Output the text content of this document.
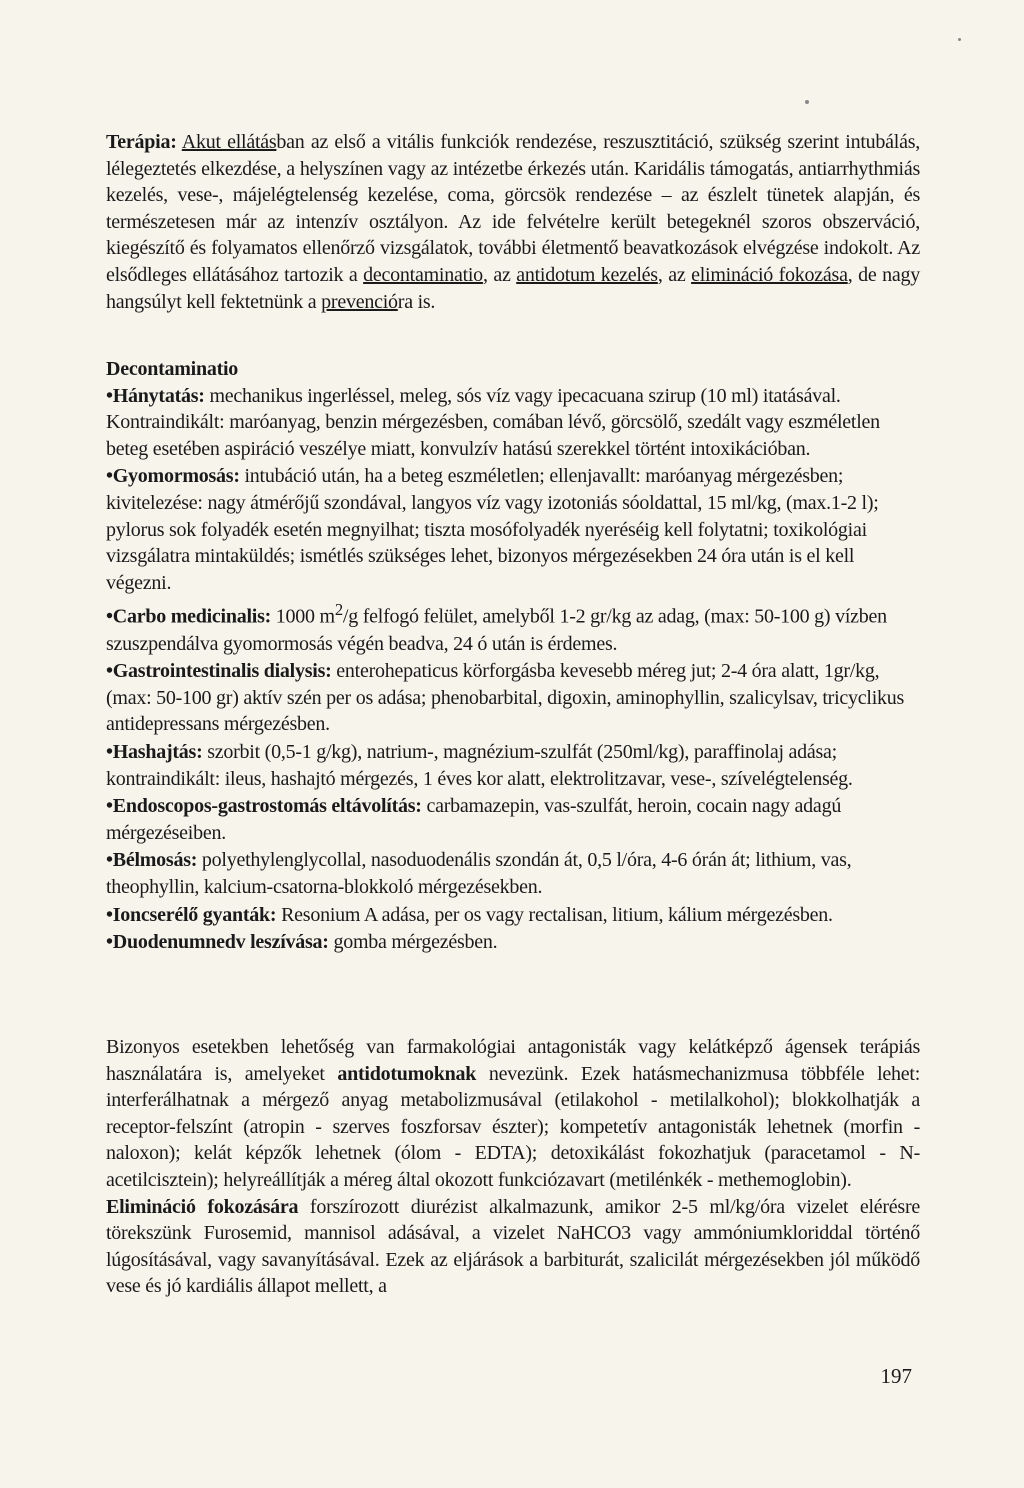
Terápia: Akut ellátásban az első a vitális funkciók rendezése, reszusztitáció, szükség szerint intubálás, lélegeztetés elkezdése, a helyszínen vagy az intézetbe érkezés után. Karidális támogatás, antiarrhythmiás kezelés, vese-, májelégtelenség kezelése, coma, görcsök rendezése – az észlelt tünetek alapján, és természetesen már az intenzív osztályon. Az ide felvételre került betegeknél szoros obszerváció, kiegészítő és folyamatos ellenőrző vizsgálatok, további életmentő beavatkozások elvégzése indokolt. Az elsődleges ellátásához tartozik a decontaminatio, az antidotum kezelés, az elimináció fokozása, de nagy hangsúlyt kell fektetnünk a prevencióra is.

Decontaminatio

•Hánytatás: mechanikus ingerléssel, meleg, sós víz vagy ipecacuana szirup (10 ml) itatásával. Kontraindikált: maróanyag, benzin mérgezésben, comában lévő, görcsölő, szedált vagy eszméletlen beteg esetében aspiráció veszélye miatt, konvulzív hatású szerekkel történt intoxikációban.

•Gyomormosás: intubáció után, ha a beteg eszméletlen; ellenjavallt: maróanyag mérgezésben; kivitelezése: nagy átmérőjű szondával, langyos víz vagy izotoniás sóoldattal, 15 ml/kg, (max.1-2 l); pylorus sok folyadék esetén megnyilhat; tiszta mosófolyadék nyeréséig kell folytatni; toxikológiai vizsgálatra mintaküldés; ismétlés szükséges lehet, bizonyos mérgezésekben 24 óra után is el kell végezni.

•Carbo medicinalis: 1000 $m^2/g$ felfogó felület, amelyből 1-2 gr/kg az adag, (max: 50-100 g) vízben szuszpendálva gyomormosás végén beadva, 24 ó után is érdemes.

•Gastrointestinalis dialysis: enterohepaticus körforgásba kevesebb méreg jut; 2-4 óra alatt, 1gr/kg, (max: 50-100 gr) aktív szén per os adása; phenobarbital, digoxin, aminophyllin, szalicylsav, tricyclikus antidepressans mérgezésben.

•Hashajtás: szorbit (0,5-1 g/kg), natrium-, magnézium-szulfát (250ml/kg), paraffinolaj adása; kontraindikált: ileus, hashajtó mérgezés, 1 éves kor alatt, elektrolitzavar, vese-, szívelégtelenség.

•Endoscopos-gastrostomás eltávolítás: carbamazepin, vas-szulfát, heroin, cocain nagy adagú mérgezéseiben.

•Bélmosás: polyethylenglycollal, nasoduodenális szondán át, 0,5 l/óra, 4-6 órán át; lithium, vas, theophyllin, kalcium-csatorna-blokkoló mérgezésekben.

•Ioncserélő gyanták: Resonium A adása, per os vagy rectalisan, litium, kálium mérgezésben.

•Duodenumnedv leszívása: gomba mérgezésben.

Bizonyos esetekben lehetőség van farmakológiai antagonisták vagy kelátképző ágensek terápiás használatára is, amelyeket antidotumoknak nevezünk. Ezek hatásmechanizmusa többféle lehet: interferálhatnak a mérgező anyag metabolizmusával (etilakohol - metilalkohol); blokkolhatják a receptor-felszínt (atropin - szerves foszforsav észter); kompetetív antagonisták lehetnek (morfin - naloxon); kelát képzők lehetnek (ólom - EDTA); detoxikálást fokozhatjuk (paracetamol - N-acetilcisztein); helyreállítják a méreg által okozott funkciózavart (metilénkék - methemoglobin).

Elimináció fokozására forszírozott diurézist alkalmazunk, amikor 2-5 ml/kg/óra vizelet elérésre törekszünk Furosemid, mannisol adásával, a vizelet NaHCO3 vagy ammóniumkloriddal történő lúgosításával, vagy savanyításával. Ezek az eljárások a barbiturát, szalicilát mérgezésekben jól működő vese és jó kardiális állapot mellett, a

197
